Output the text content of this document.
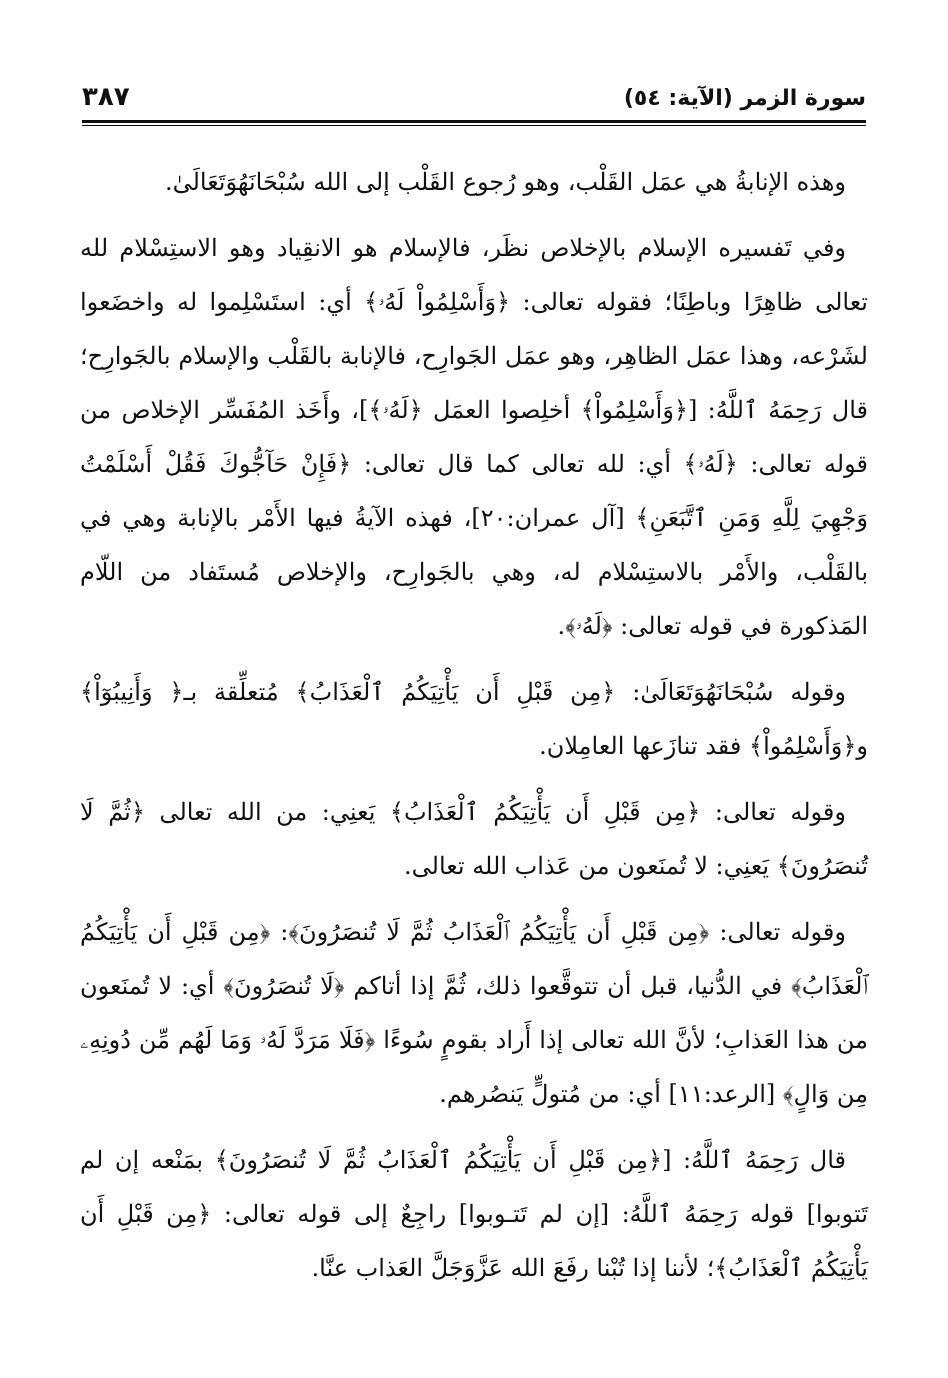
سورة الزمر (الآية: ٥٤)
٣٨٧

وهذه الإنابةُ هي عمَل القَلْب، وهو رُجوع القَلْب إلى الله سُبْحَانَهُوَتَعَالَىٰ.

وفي تَفسيره الإسلام بالإخلاص نظَر، فالإسلام هو الانقِياد وهو الاستِسْلام لله تعالى ظاهِرًا وباطِنًا؛ فقوله تعالى: ﴿وَأَسْلِمُواْ لَهُۥ﴾ أي: استَسْلِموا له واخضَعوا لشَرْعه، وهذا عمَل الظاهِر، وهو عمَل الجَوارِح، فالإنابة بالقَلْب والإسلام بالجَوارِح؛ قال رَحِمَهُ ٱللَّهُ: [﴿وَأَسْلِمُواْ﴾ أخلِصوا العمَل ﴿لَهُۥ﴾]، وأَخَذ المُفَسِّر الإخلاص من قوله تعالى: ﴿لَهُۥ﴾ أي: لله تعالى كما قال تعالى: ﴿فَإِنْ حَآجُّوكَ فَقُلْ أَسْلَمْتُ وَجْهِيَ لِلَّهِ وَمَنِ ٱتَّبَعَنِ﴾ [آل عمران:٢٠]، فهذه الآيةُ فيها الأَمْر بالإنابة وهي في بالقَلْب، والأَمْر بالاستِسْلام له، وهي بالجَوارِح، والإخلاص مُستَفاد من اللّام المَذكورة في قوله تعالى: ﴿لَهُۥ﴾.

وقوله سُبْحَانَهُوَتَعَالَىٰ: ﴿مِن قَبْلِ أَن يَأْتِيَكُمُ ٱلْعَذَابُ﴾ مُتعلِّقة بـ﴿ وَأَنِيبُوٓاْ﴾ و﴿وَأَسْلِمُواْ﴾ فقد تنازَعها العامِلان.

وقوله تعالى: ﴿مِن قَبْلِ أَن يَأْتِيَكُمُ ٱلْعَذَابُ﴾ يَعنِي: من الله تعالى ﴿ثُمَّ لَا تُنصَرُونَ﴾ يَعنِي: لا تُمنَعون من عَذاب الله تعالى.

وقوله تعالى: ﴿مِن قَبْلِ أَن يَأْتِيَكُمُ ٱلْعَذَابُ ثُمَّ لَا تُنصَرُونَ﴾: ﴿مِن قَبْلِ أَن يَأْتِيَكُمُ ٱلْعَذَابُ﴾ في الدُّنيا، قبل أن تتوقَّعوا ذلك، ثُمَّ إذا أتاكم ﴿لَا تُنصَرُونَ﴾ أي: لا تُمنَعون من هذا العَذابِ؛ لأنَّ الله تعالى إذا أَراد بقومٍ سُوءًا ﴿فَلَا مَرَدَّ لَهُۥ وَمَا لَهُم مِّن دُونِهِۦ مِن وَالٍ﴾ [الرعد:١١] أي: من مُتولٍّ يَنصُرهم.

قال رَحِمَهُ ٱللَّهُ: [﴿مِن قَبْلِ أَن يَأْتِيَكُمُ ٱلْعَذَابُ ثُمَّ لَا تُنصَرُونَ﴾ بمَنْعه إن لم تَتوبوا] قوله رَحِمَهُ ٱللَّهُ: [إن لم تَتـوبوا] راجِعٌ إلى قوله تعالى: ﴿مِن قَبْلِ أَن يَأْتِيَكُمُ ٱلْعَذَابُ﴾؛ لأننا إذا تُبْنا رفَعَ الله عَزَّوَجَلَّ العَذاب عنَّا.
